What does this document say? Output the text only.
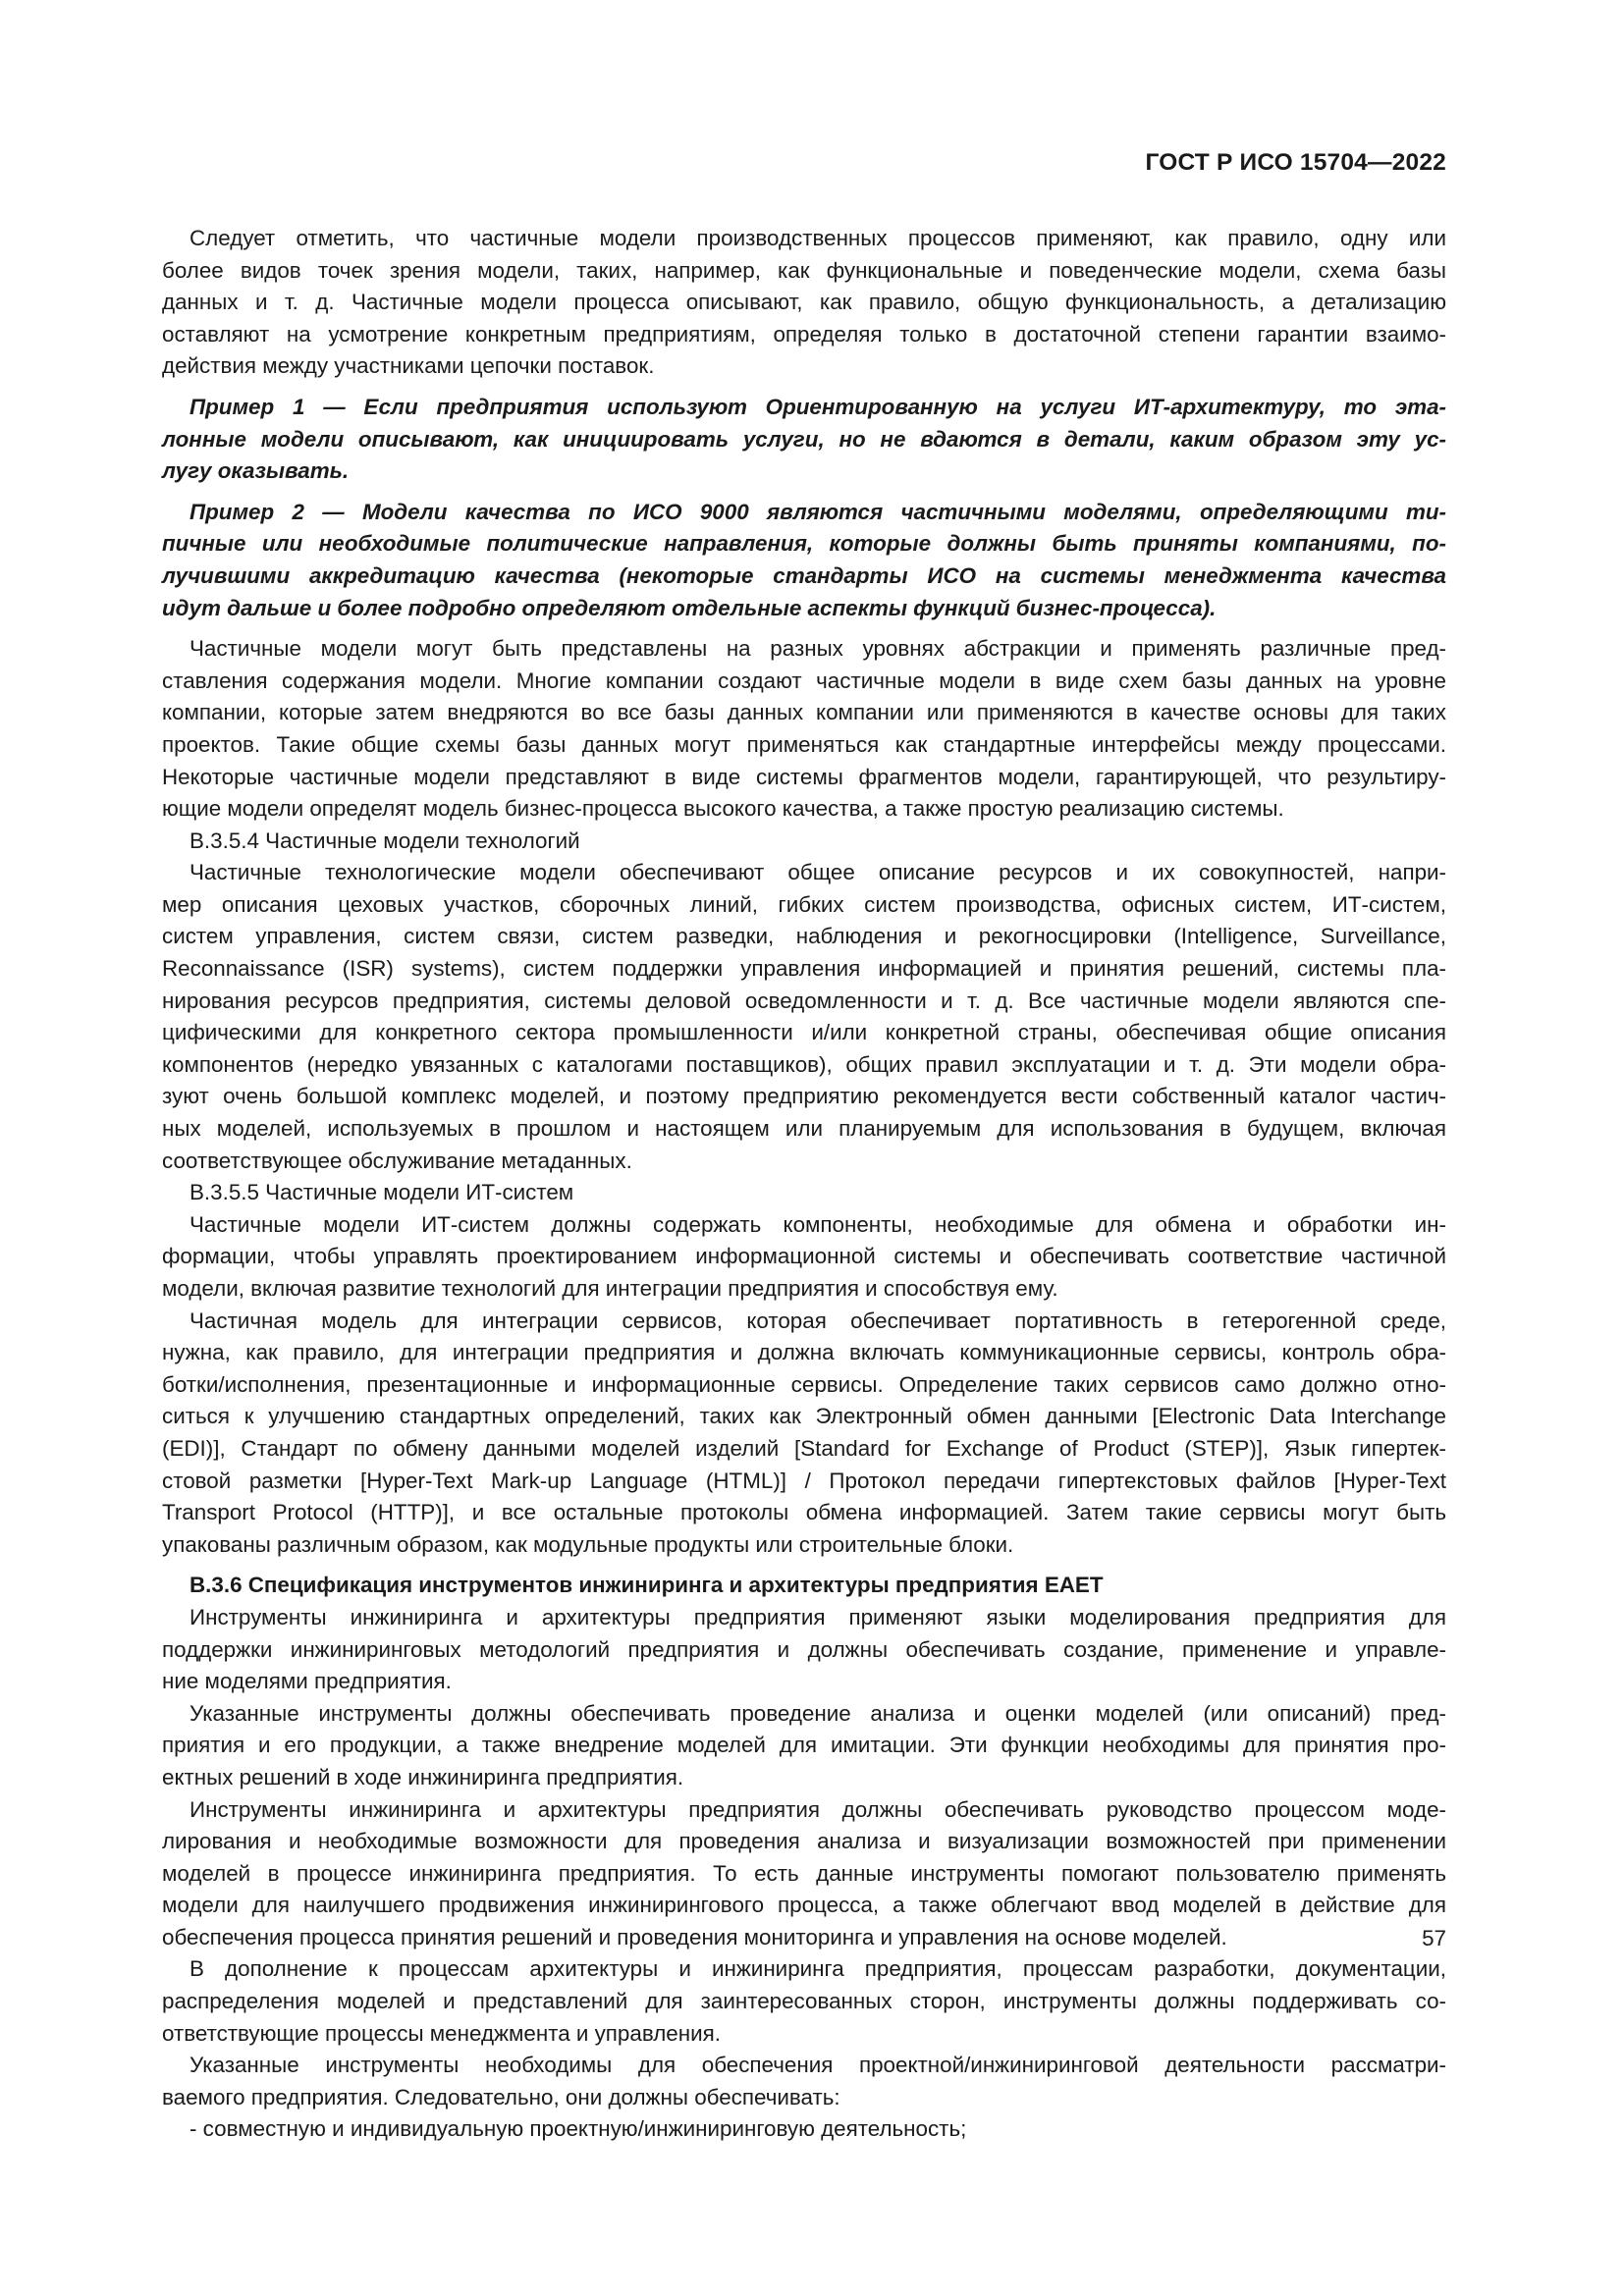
ГОСТ Р ИСО 15704—2022

Следует отметить, что частичные модели производственных процессов применяют, как правило, одну или
более видов точек зрения модели, таких, например, как функциональные и поведенческие модели, схема базы
данных и т. д. Частичные модели процесса описывают, как правило, общую функциональность, а детализацию
оставляют на усмотрение конкретным предприятиям, определяя только в достаточной степени гарантии взаимо-
действия между участниками цепочки поставок.

Пример 1 — Если предприятия используют Ориентированную на услуги ИТ-архитектуру, то эта-
лонные модели описывают, как инициировать услуги, но не вдаются в детали, каким образом эту ус-
лугу оказывать.

Пример 2 — Модели качества по ИСО 9000 являются частичными моделями, определяющими ти-
пичные или необходимые политические направления, которые должны быть приняты компаниями, по-
лучившими аккредитацию качества (некоторые стандарты ИСО на системы менеджмента качества
идут дальше и более подробно определяют отдельные аспекты функций бизнес-процесса).

Частичные модели могут быть представлены на разных уровнях абстракции и применять различные пред-
ставления содержания модели. Многие компании создают частичные модели в виде схем базы данных на уровне
компании, которые затем внедряются во все базы данных компании или применяются в качестве основы для таких
проектов. Такие общие схемы базы данных могут применяться как стандартные интерфейсы между процессами.
Некоторые частичные модели представляют в виде системы фрагментов модели, гарантирующей, что результиру-
ющие модели определят модель бизнес-процесса высокого качества, а также простую реализацию системы.

В.3.5.4 Частичные модели технологий

Частичные технологические модели обеспечивают общее описание ресурсов и их совокупностей, напри-
мер описания цеховых участков, сборочных линий, гибких систем производства, офисных систем, ИТ-систем,
систем управления, систем связи, систем разведки, наблюдения и рекогносцировки (Intelligence, Surveillance,
Reconnaissance (ISR) systems), систем поддержки управления информацией и принятия решений, системы пла-
нирования ресурсов предприятия, системы деловой осведомленности и т. д. Все частичные модели являются спе-
цифическими для конкретного сектора промышленности и/или конкретной страны, обеспечивая общие описания
компонентов (нередко увязанных с каталогами поставщиков), общих правил эксплуатации и т. д. Эти модели обра-
зуют очень большой комплекс моделей, и поэтому предприятию рекомендуется вести собственный каталог частич-
ных моделей, используемых в прошлом и настоящем или планируемым для использования в будущем, включая
соответствующее обслуживание метаданных.

В.3.5.5 Частичные модели ИТ-систем

Частичные модели ИТ-систем должны содержать компоненты, необходимые для обмена и обработки ин-
формации, чтобы управлять проектированием информационной системы и обеспечивать соответствие частичной
модели, включая развитие технологий для интеграции предприятия и способствуя ему.

Частичная модель для интеграции сервисов, которая обеспечивает портативность в гетерогенной среде,
нужна, как правило, для интеграции предприятия и должна включать коммуникационные сервисы, контроль обра-
ботки/исполнения, презентационные и информационные сервисы. Определение таких сервисов само должно отно-
ситься к улучшению стандартных определений, таких как Электронный обмен данными [Electronic Data Interchange
(EDI)], Стандарт по обмену данными моделей изделий [Standard for Exchange of Product (STEP)], Язык гипертек-
стовой разметки [Hyper-Text Mark-up Language (HTML)] / Протокол передачи гипертекстовых файлов [Hyper-Text
Transport Protocol (HTTP)], и все остальные протоколы обмена информацией. Затем такие сервисы могут быть
упакованы различным образом, как модульные продукты или строительные блоки.

В.3.6 Спецификация инструментов инжиниринга и архитектуры предприятия ЕАЕТ

Инструменты инжиниринга и архитектуры предприятия применяют языки моделирования предприятия для
поддержки инжиниринговых методологий предприятия и должны обеспечивать создание, применение и управле-
ние моделями предприятия.

Указанные инструменты должны обеспечивать проведение анализа и оценки моделей (или описаний) пред-
приятия и его продукции, а также внедрение моделей для имитации. Эти функции необходимы для принятия про-
ектных решений в ходе инжиниринга предприятия.

Инструменты инжиниринга и архитектуры предприятия должны обеспечивать руководство процессом моде-
лирования и необходимые возможности для проведения анализа и визуализации возможностей при применении
моделей в процессе инжиниринга предприятия. То есть данные инструменты помогают пользователю применять
модели для наилучшего продвижения инжинирингового процесса, а также облегчают ввод моделей в действие для
обеспечения процесса принятия решений и проведения мониторинга и управления на основе моделей.

В дополнение к процессам архитектуры и инжиниринга предприятия, процессам разработки, документации,
распределения моделей и представлений для заинтересованных сторон, инструменты должны поддерживать со-
ответствующие процессы менеджмента и управления.

Указанные инструменты необходимы для обеспечения проектной/инжиниринговой деятельности рассматри-
ваемого предприятия. Следовательно, они должны обеспечивать:

- совместную и индивидуальную проектную/инжиниринговую деятельность;

57
